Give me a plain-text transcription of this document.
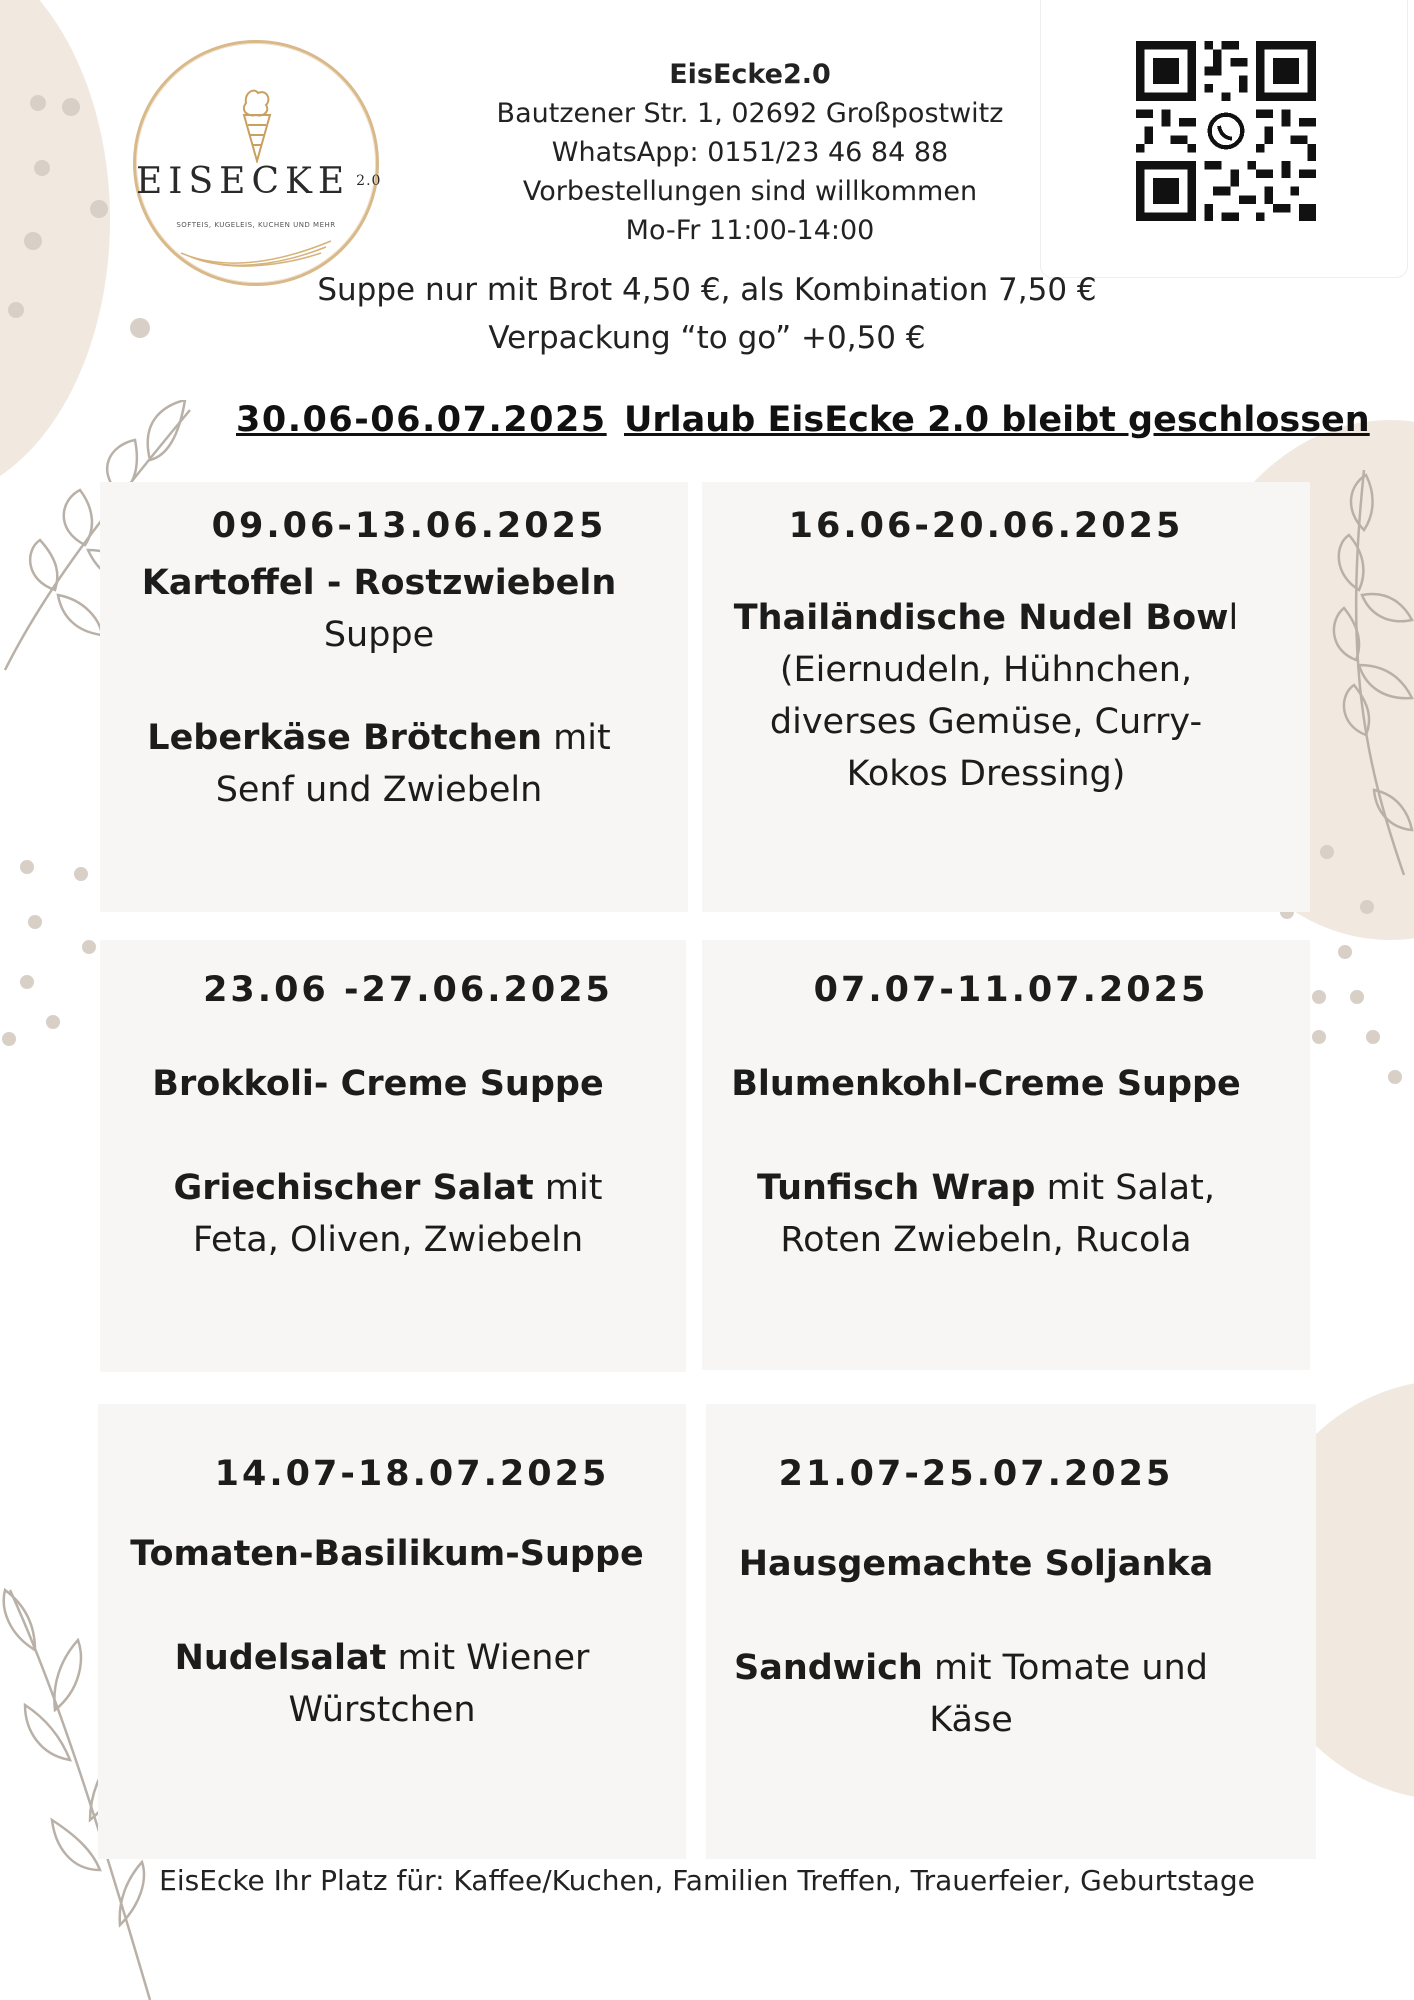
EISECKE $^{2.0}$
SOFTEIS, KUGELEIS, KUCHEN UND MEHR
EisEcke2.0
Bautzener Str. 1, 02692 Großpostwitz
WhatsApp: 0151/23 46 84 88
Vorbestellungen sind willkommen
Mo-Fr 11:00-14:00
Suppe nur mit Brot 4,50 €, als Kombination 7,50 €
Verpackung “to go” +0,50 €
30.06-06.07.2025 Urlaub EisEcke 2.0 bleibt geschlossen
09.06-13.06.2025
Kartoffel - Rostzwiebeln
Suppe
Leberkäse Brötchen mit
Senf und Zwiebeln
16.06-20.06.2025
Thailändische Nudel Bowl
(Eiernudeln, Hühnchen,
diverses Gemüse, Curry-
Kokos Dressing)
23.06 -27.06.2025
Brokkoli- Creme Suppe
Griechischer Salat mit
Feta, Oliven, Zwiebeln
07.07-11.07.2025
Blumenkohl-Creme Suppe
Tunfisch Wrap mit Salat,
Roten Zwiebeln, Rucola
14.07-18.07.2025
Tomaten-Basilikum-Suppe
Nudelsalat mit Wiener
Würstchen
21.07-25.07.2025
Hausgemachte Soljanka
Sandwich mit Tomate und
Käse
EisEcke Ihr Platz für: Kaffee/Kuchen, Familien Treffen, Trauerfeier, Geburtstage
